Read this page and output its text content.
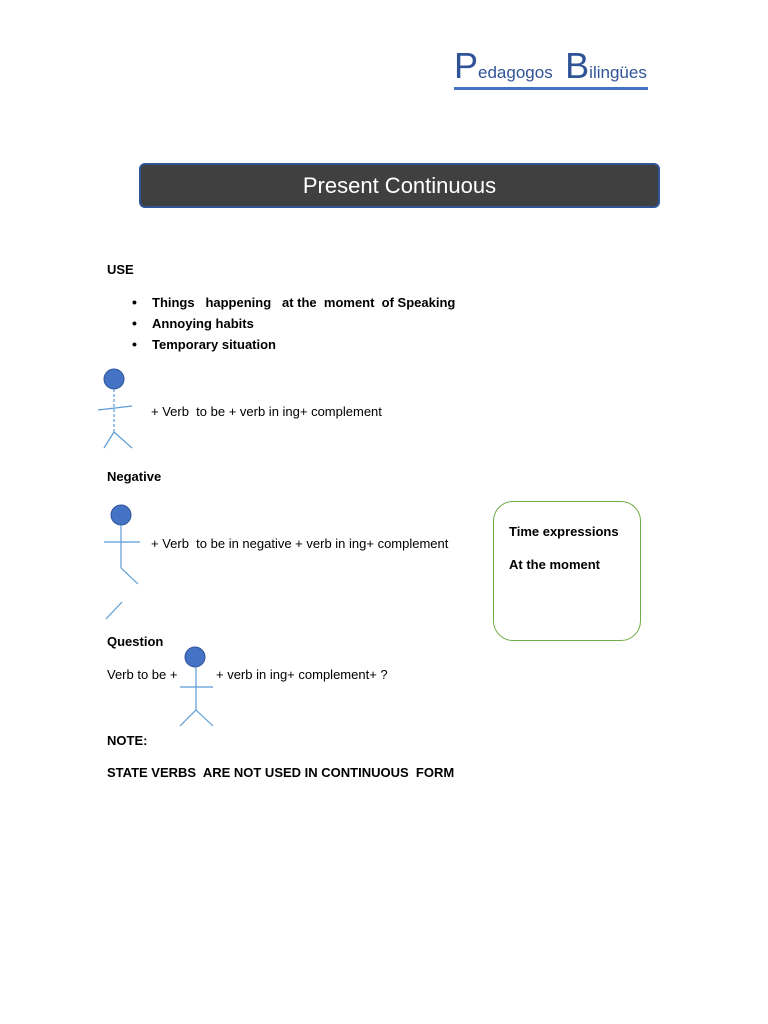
Pedagogos Bilingües
Present Continuous
USE
• Things   happening   at the  moment  of Speaking
• Annoying habits
• Temporary situation
+ Verb  to be + verb in ing+ complement
Negative
+ Verb  to be in negative + verb in ing+ complement
Time expressions
At the moment
Question
Verb to be +	+ verb in ing+ complement+ ?
NOTE:
STATE VERBS  ARE NOT USED IN CONTINUOUS  FORM
